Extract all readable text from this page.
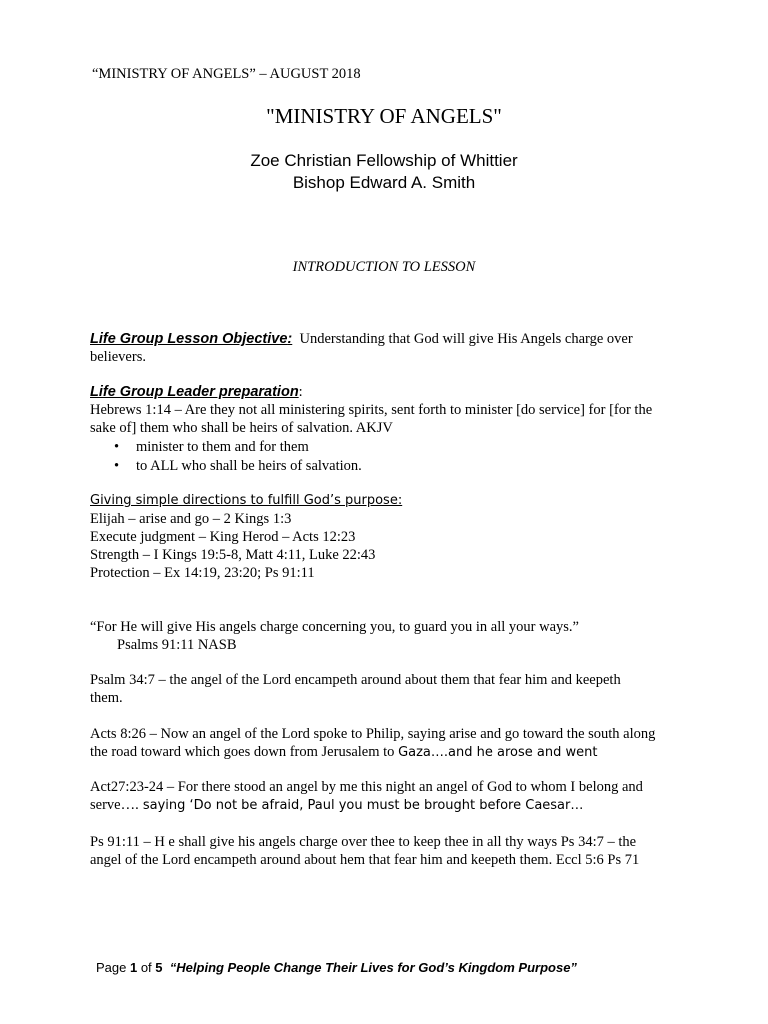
“MINISTRY OF ANGELS” – AUGUST 2018
"MINISTRY OF ANGELS"
Zoe Christian Fellowship of Whittier
Bishop Edward A. Smith
INTRODUCTION TO LESSON
Life Group Lesson Objective: Understanding that God will give His Angels charge over
believers.
Life Group Leader preparation:
Hebrews 1:14 – Are they not all ministering spirits, sent forth to minister [do service] for [for the
sake of] them who shall be heirs of salvation. AKJV
• minister to them and for them
• to ALL who shall be heirs of salvation.
Giving simple directions to fulfill God’s purpose:
Elijah – arise and go – 2 Kings 1:3
Execute judgment – King Herod – Acts 12:23
Strength – I Kings 19:5-8, Matt 4:11, Luke 22:43
Protection – Ex 14:19, 23:20; Ps 91:11
“For He will give His angels charge concerning you, to guard you in all your ways.”
Psalms 91:11 NASB
Psalm 34:7 – the angel of the Lord encampeth around about them that fear him and keepeth
them.
Acts 8:26 – Now an angel of the Lord spoke to Philip, saying arise and go toward the south along
the road toward which goes down from Jerusalem to Gaza….and he arose and went
Act27:23-24 – For there stood an angel by me this night an angel of God to whom I belong and
serve…. saying ‘Do not be afraid, Paul you must be brought before Caesar…
Ps 91:11 – H e shall give his angels charge over thee to keep thee in all thy ways Ps 34:7 – the
angel of the Lord encampeth around about hem that fear him and keepeth them. Eccl 5:6 Ps 71
Page 1 of 5 “Helping People Change Their Lives for God’s Kingdom Purpose”
